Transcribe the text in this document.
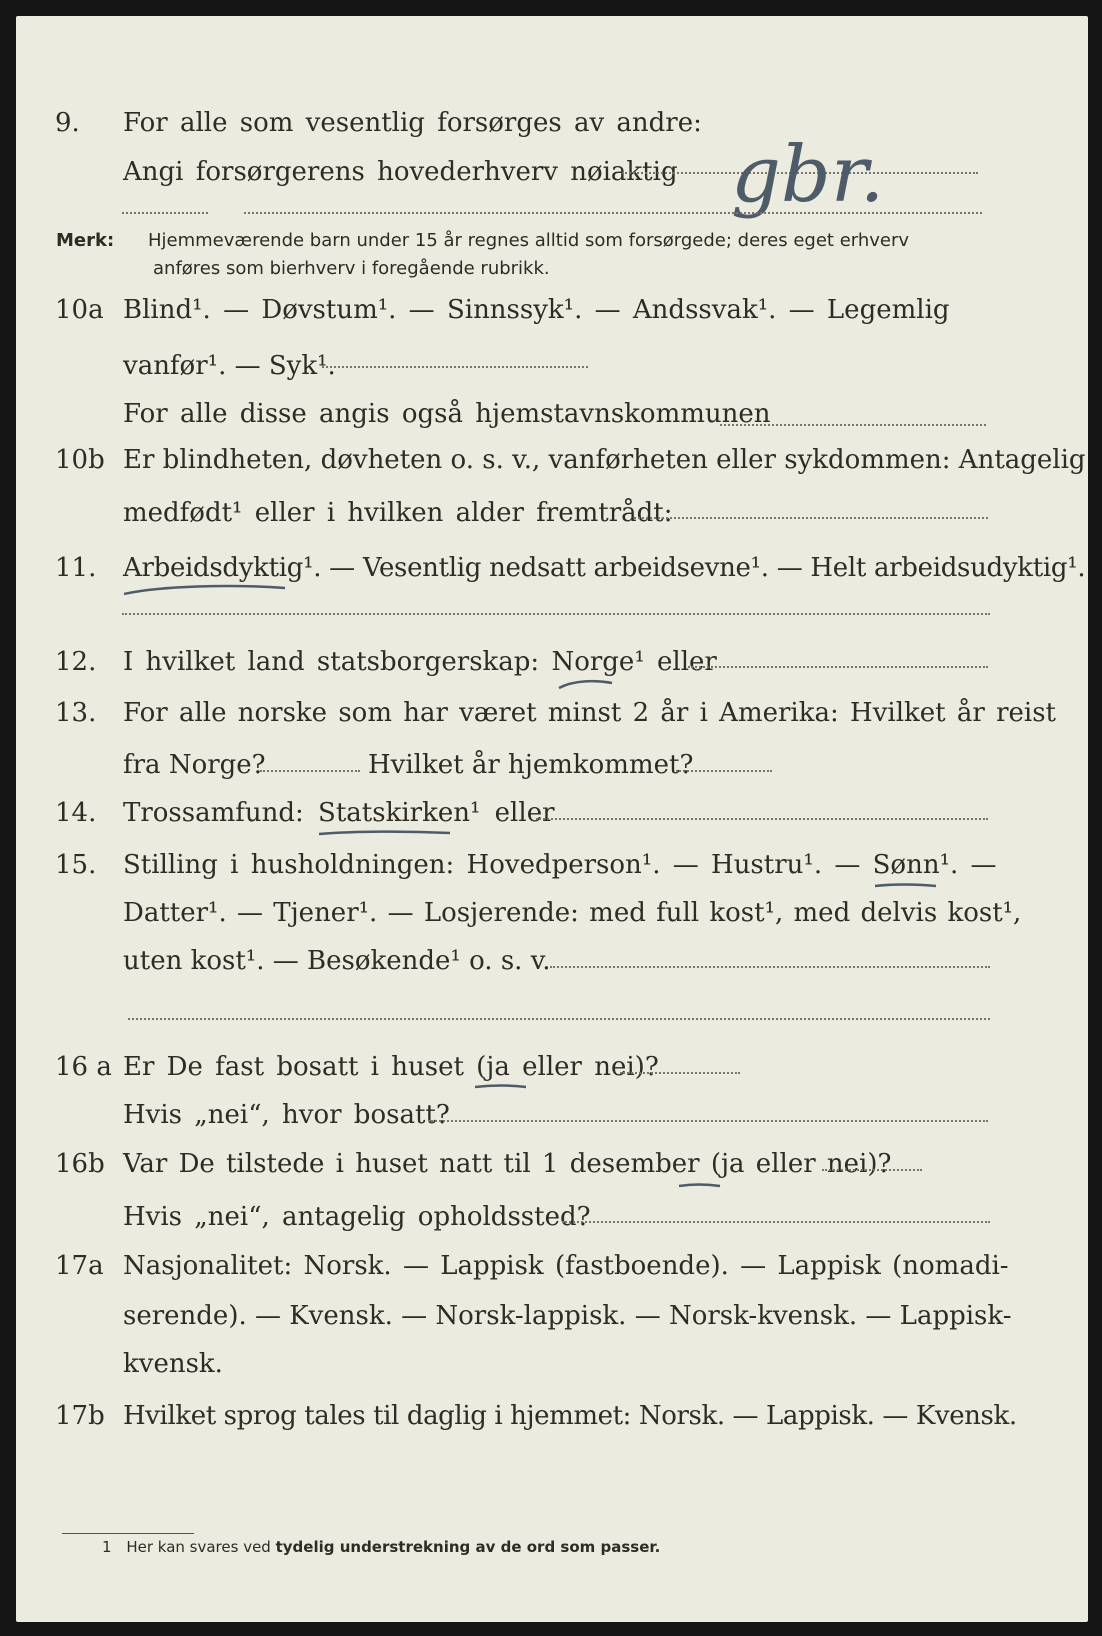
9. For alle som vesentlig forsørges av andre:
Angi forsørgerens hovederhverv nøiaktig gbr.
Merk: Hjemmeværende barn under 15 år regnes alltid som forsørgede; deres eget erhverv
anføres som bierhverv i foregående rubrikk.
10a Blind¹. — Døvstum¹. — Sinnssyk¹. — Andssvak¹. — Legemlig
vanfør¹. — Syk¹.
For alle disse angis også hjemstavnskommunen
10b Er blindheten, døvheten o. s. v., vanførheten eller sykdommen: Antagelig
medfødt¹ eller i hvilken alder fremtrådt:
11. Arbeidsdyktig¹. — Vesentlig nedsatt arbeidsevne¹. — Helt arbeidsudyktig¹.
12. I hvilket land statsborgerskap: Norge¹ eller
13. For alle norske som har været minst 2 år i Amerika: Hvilket år reist
fra Norge?	Hvilket år hjemkommet?
14. Trossamfund: Statskirken¹ eller
15. Stilling i husholdningen: Hovedperson¹. — Hustru¹. — Sønn¹. —
Datter¹. — Tjener¹. — Losjerende: med full kost¹, med delvis kost¹,
uten kost¹. — Besøkende¹ o. s. v.
16 a Er De fast bosatt i huset (ja eller nei)?
Hvis „nei“, hvor bosatt?
16b Var De tilstede i huset natt til 1 desember (ja eller nei)?
Hvis „nei“, antagelig opholdssted?
17a Nasjonalitet: Norsk. — Lappisk (fastboende). — Lappisk (nomadi-
serende). — Kvensk. — Norsk-lappisk. — Norsk-kvensk. — Lappisk-
kvensk.
17b Hvilket sprog tales til daglig i hjemmet: Norsk. — Lappisk. — Kvensk.
1 Her kan svares ved tydelig understrekning av de ord som passer.
